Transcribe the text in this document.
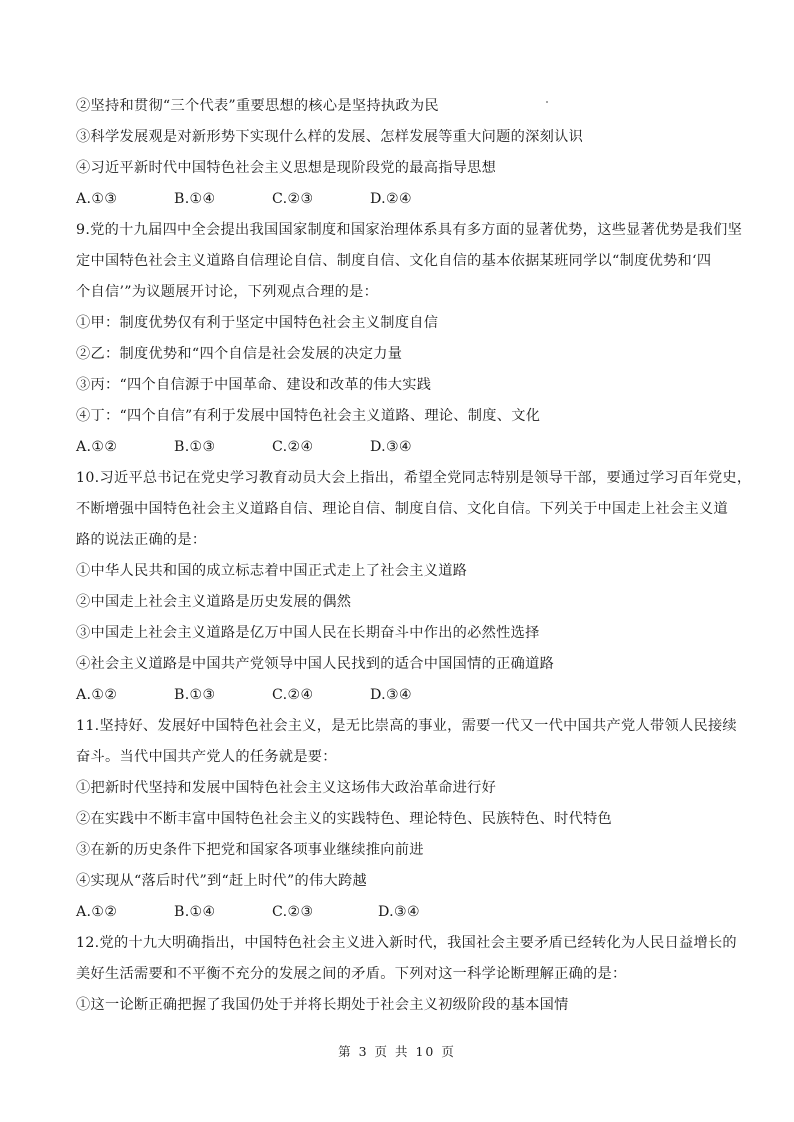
②坚持和贯彻“三个代表”重要思想的核心是坚持执政为民
③科学发展观是对新形势下实现什么样的发展、怎样发展等重大问题的深刻认识
④习近平新时代中国特色社会主义思想是现阶段党的最高指导思想
A.①③	B.①④	C.②③	D.②④
9.党的十九届四中全会提出我国国家制度和国家治理体系具有多方面的显著优势，这些显著优势是我们坚
定中国特色社会主义道路自信理论自信、制度自信、文化自信的基本依据某班同学以“制度优势和‘四
个自信’”为议题展开讨论，下列观点合理的是：
①甲：制度优势仅有利于坚定中国特色社会主义制度自信
②乙：制度优势和“四个自信是社会发展的决定力量
③丙：“四个自信源于中国革命、建设和改革的伟大实践
④丁：“四个自信”有利于发展中国特色社会主义道路、理论、制度、文化
A.①②	B.①③	C.②④	D.③④
10.习近平总书记在党史学习教育动员大会上指出，希望全党同志特别是领导干部，要通过学习百年党史，
不断增强中国特色社会主义道路自信、理论自信、制度自信、文化自信。下列关于中国走上社会主义道
路的说法正确的是：
①中华人民共和国的成立标志着中国正式走上了社会主义道路
②中国走上社会主义道路是历史发展的偶然
③中国走上社会主义道路是亿万中国人民在长期奋斗中作出的必然性选择
④社会主义道路是中国共产党领导中国人民找到的适合中国国情的正确道路
A.①②	B.①③	C.②④	D.③④
11.坚持好、发展好中国特色社会主义，是无比崇高的事业，需要一代又一代中国共产党人带领人民接续
奋斗。当代中国共产党人的任务就是要：
①把新时代坚持和发展中国特色社会主义这场伟大政治革命进行好
②在实践中不断丰富中国特色社会主义的实践特色、理论特色、民族特色、时代特色
③在新的历史条件下把党和国家各项事业继续推向前进
④实现从“落后时代”到“赶上时代”的伟大跨越
A.①②	B.①④	C.②③	D.③④
12.党的十九大明确指出，中国特色社会主义进入新时代，我国社会主要矛盾已经转化为人民日益增长的
美好生活需要和不平衡不充分的发展之间的矛盾。下列对这一科学论断理解正确的是：
①这一论断正确把握了我国仍处于并将长期处于社会主义初级阶段的基本国情
第 3 页 共 10 页
